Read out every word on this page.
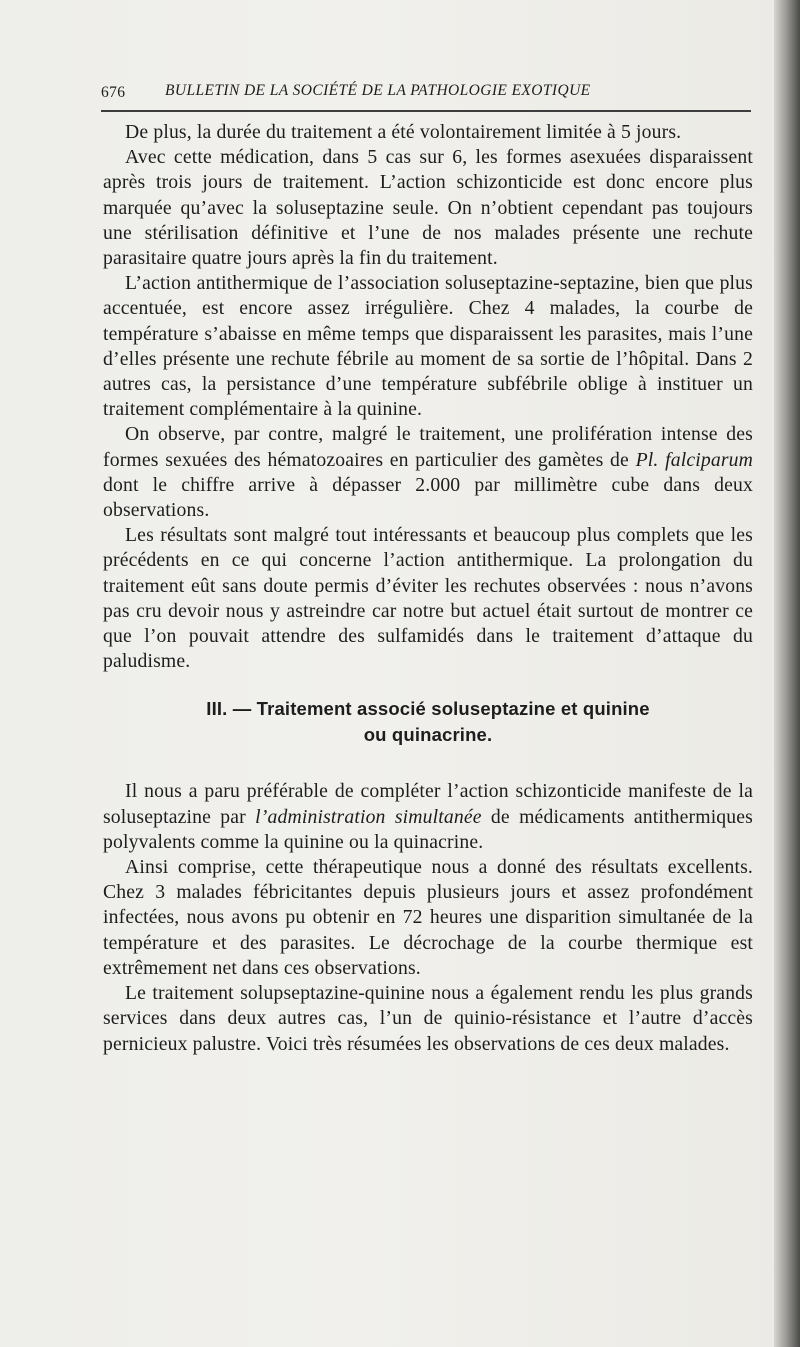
676	BULLETIN DE LA SOCIÉTÉ DE LA PATHOLOGIE EXOTIQUE

De plus, la durée du traitement a été volontairement limitée à 5 jours.

Avec cette médication, dans 5 cas sur 6, les formes asexuées disparaissent après trois jours de traitement. L’action schizonticide est donc encore plus marquée qu’avec la soluseptazine seule. On n’obtient cependant pas toujours une stérilisation définitive et l’une de nos malades présente une rechute parasitaire quatre jours après la fin du traitement.

L’action antithermique de l’association soluseptazine-septazine, bien que plus accentuée, est encore assez irrégulière. Chez 4 malades, la courbe de température s’abaisse en même temps que disparaissent les parasites, mais l’une d’elles présente une rechute fébrile au moment de sa sortie de l’hôpital. Dans 2 autres cas, la persistance d’une température subfébrile oblige à instituer un traitement complémentaire à la quinine.

On observe, par contre, malgré le traitement, une prolifération intense des formes sexuées des hématozoaires en particulier des gamètes de Pl. falciparum dont le chiffre arrive à dépasser 2.000 par millimètre cube dans deux observations.

Les résultats sont malgré tout intéressants et beaucoup plus complets que les précédents en ce qui concerne l’action antithermique. La prolongation du traitement eût sans doute permis d’éviter les rechutes observées : nous n’avons pas cru devoir nous y astreindre car notre but actuel était surtout de montrer ce que l’on pouvait attendre des sulfamidés dans le traitement d’attaque du paludisme.

III. — Traitement associé soluseptazine et quinine
ou quinacrine.

Il nous a paru préférable de compléter l’action schizonticide manifeste de la soluseptazine par l’administration simultanée de médicaments antithermiques polyvalents comme la quinine ou la quinacrine.

Ainsi comprise, cette thérapeutique nous a donné des résultats excellents. Chez 3 malades fébricitantes depuis plusieurs jours et assez profondément infectées, nous avons pu obtenir en 72 heures une disparition simultanée de la température et des parasites. Le décrochage de la courbe thermique est extrêmement net dans ces observations.

Le traitement solupseptazine-quinine nous a également rendu les plus grands services dans deux autres cas, l’un de quinio-résistance et l’autre d’accès pernicieux palustre. Voici très résumées les observations de ces deux malades.
